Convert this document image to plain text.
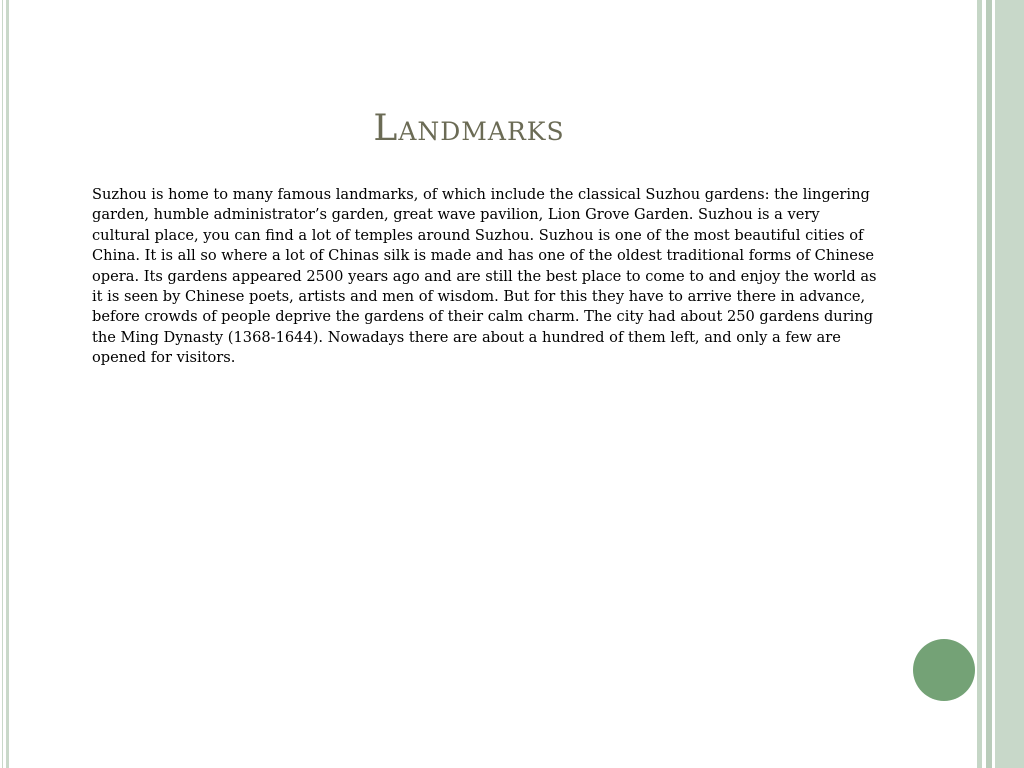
Landmarks

Suzhou is home to many famous landmarks, of which include the classical Suzhou gardens: the lingering garden, humble administrator’s garden, great wave pavilion, Lion Grove Garden. Suzhou is a very cultural place, you can find a lot of temples around Suzhou. Suzhou is one of the most beautiful cities of China. It is all so where a lot of Chinas silk is made and has one of the oldest traditional forms of Chinese opera. Its gardens appeared 2500 years ago and are still the best place to come to and enjoy the world as it is seen by Chinese poets, artists and men of wisdom. But for this they have to arrive there in advance, before crowds of people deprive the gardens of their calm charm. The city had about 250 gardens during the Ming Dynasty (1368-1644). Nowadays there are about a hundred of them left, and only a few are opened for visitors.
